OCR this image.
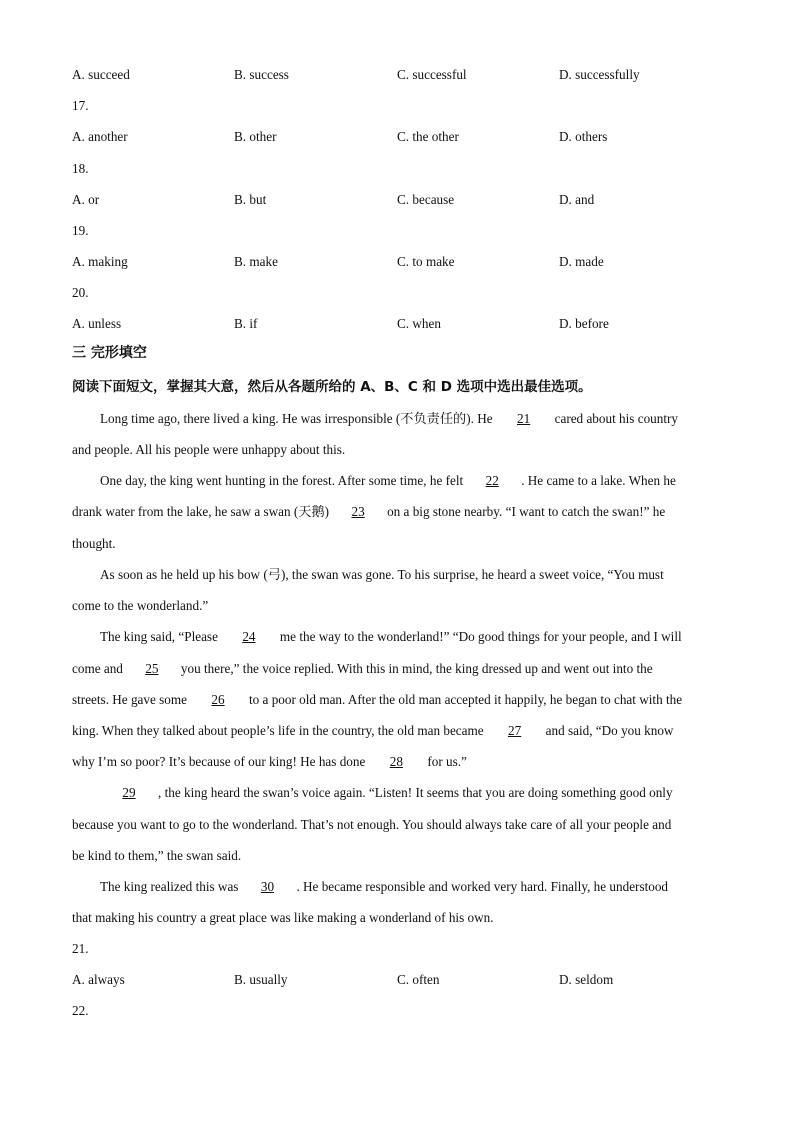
A. succeed	B. success	C. successful	D. successfully
17.
A. another	B. other	C. the other	D. others
18.
A. or	B. but	C. because	D. and
19.
A. making	B. make	C. to make	D. made
20.
A. unless	B. if	C. when	D. before
三 完形填空
阅读下面短文，掌握其大意，然后从各题所给的 A、B、C 和 D 选项中选出最佳选项。
Long time ago, there lived a king. He was irresponsible (不负责任的). He 21 cared about his country
and people. All his people were unhappy about this.
One day, the king went hunting in the forest. After some time, he felt 22 . He came to a lake. When he
drank water from the lake, he saw a swan (天鹅) 23 on a big stone nearby. “I want to catch the swan!” he
thought.
As soon as he held up his bow (弓), the swan was gone. To his surprise, he heard a sweet voice, “You must
come to the wonderland.”
The king said, “Please 24 me the way to the wonderland!” “Do good things for your people, and I will
come and 25 you there,” the voice replied. With this in mind, the king dressed up and went out into the
streets. He gave some 26 to a poor old man. After the old man accepted it happily, he began to chat with the
king. When they talked about people’s life in the country, the old man became 27 and said, “Do you know
why I’m so poor? It’s because of our king! He has done 28 for us.”
29 , the king heard the swan’s voice again. “Listen! It seems that you are doing something good only
because you want to go to the wonderland. That’s not enough. You should always take care of all your people and
be kind to them,” the swan said.
The king realized this was 30 . He became responsible and worked very hard. Finally, he understood
that making his country a great place was like making a wonderland of his own.
21.
A. always	B. usually	C. often	D. seldom
22.
